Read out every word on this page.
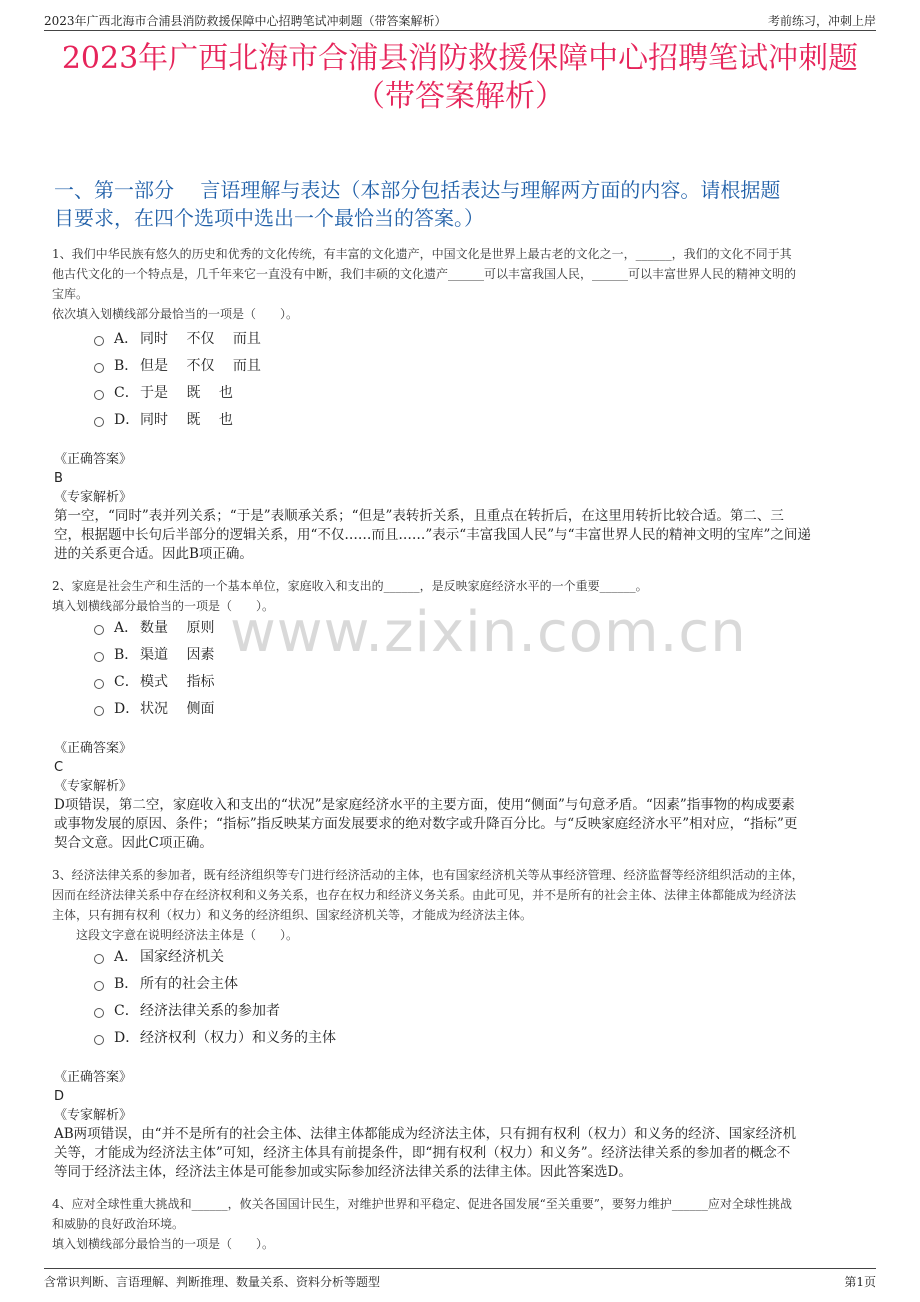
2023年广西北海市合浦县消防救援保障中心招聘笔试冲刺题（带答案解析）	考前练习，冲刺上岸
2023年广西北海市合浦县消防救援保障中心招聘笔试冲刺题
（带答案解析）
一、第一部分　 言语理解与表达（本部分包括表达与理解两方面的内容。请根据题
目要求，在四个选项中选出一个最恰当的答案。）

1、我们中华民族有悠久的历史和优秀的文化传统，有丰富的文化遗产，中国文化是世界上最古老的文化之一，______，我们的文化不同于其

他古代文化的一个特点是，几千年来它一直没有中断，我们丰硕的文化遗产______可以丰富我国人民，______可以丰富世界人民的精神文明的

宝库。

依次填入划横线部分最恰当的一项是（　　）。

A． 同时　 不仅　 而且
B． 但是　 不仅　 而且
C． 于是　 既　 也
D． 同时　 既　 也
《正确答案》
B
《专家解析》
第一空，“同时”表并列关系；“于是”表顺承关系；“但是”表转折关系，且重点在转折后，在这里用转折比较合适。第二、三
空，根据题中长句后半部分的逻辑关系，用“不仅……而且……”表示“丰富我国人民”与“丰富世界人民的精神文明的宝库”之间递
进的关系更合适。因此B项正确。

2、家庭是社会生产和生活的一个基本单位，家庭收入和支出的______，是反映家庭经济水平的一个重要______。

填入划横线部分最恰当的一项是（　　）。

A． 数量　 原则
B． 渠道　 因素
C． 模式　 指标
D． 状况　 侧面
《正确答案》
C
《专家解析》
D项错误，第二空，家庭收入和支出的“状况”是家庭经济水平的主要方面，使用“侧面”与句意矛盾。“因素”指事物的构成要素
或事物发展的原因、条件；“指标”指反映某方面发展要求的绝对数字或升降百分比。与“反映家庭经济水平”相对应，“指标”更
契合文意。因此C项正确。

3、经济法律关系的参加者，既有经济组织等专门进行经济活动的主体，也有国家经济机关等从事经济管理、经济监督等经济组织活动的主体，

因而在经济法律关系中存在经济权利和义务关系，也存在权力和经济义务关系。由此可见，并不是所有的社会主体、法律主体都能成为经济法

主体，只有拥有权利（权力）和义务的经济组织、国家经济机关等，才能成为经济法主体。

　　这段文字意在说明经济法主体是（　　）。

A． 国家经济机关
B． 所有的社会主体
C． 经济法律关系的参加者
D． 经济权利（权力）和义务的主体
《正确答案》
D
《专家解析》
AB两项错误，由“并不是所有的社会主体、法律主体都能成为经济法主体，只有拥有权利（权力）和义务的经济、国家经济机
关等，才能成为经济法主体”可知，经济主体具有前提条件，即“拥有权利（权力）和义务”。经济法律关系的参加者的概念不
等同于经济法主体，经济法主体是可能参加或实际参加经济法律关系的法律主体。因此答案选D。

4、应对全球性重大挑战和______，攸关各国国计民生，对维护世界和平稳定、促进各国发展“至关重要”，要努力维护______应对全球性挑战

和威胁的良好政治环境。

填入划横线部分最恰当的一项是（　　）。

www.zixin.com.cn
含常识判断、言语理解、判断推理、数量关系、资料分析等题型	第1页
